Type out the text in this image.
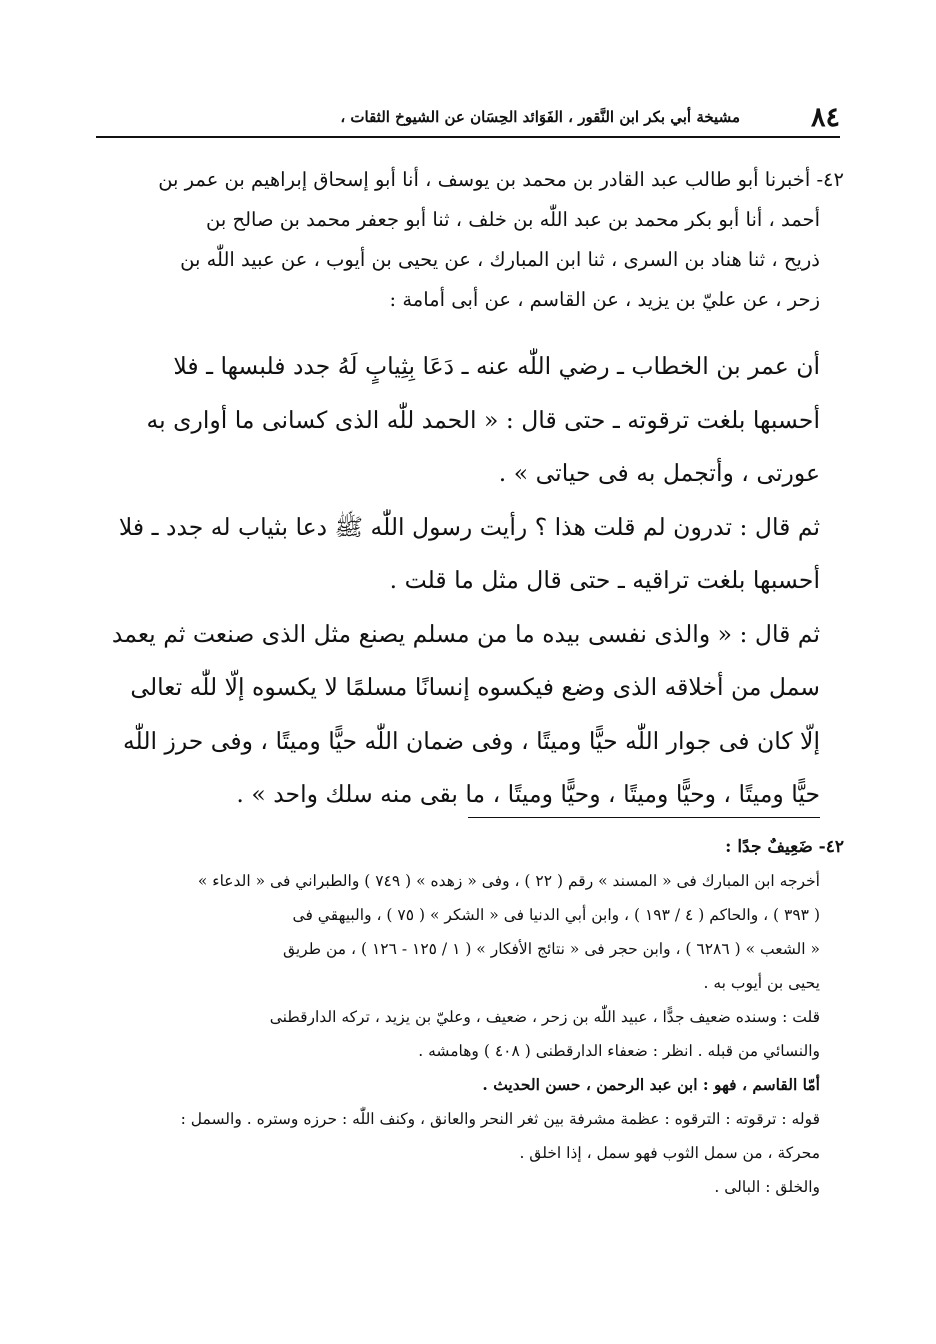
٨٤
مشيخة أبي بكر ابن النَّقور ، الفَوَائد الحِسَان عن الشيوخ الثقات ،
٤٢- أخبرنا أبو طالب عبد القادر بن محمد بن يوسف ، أنا أبو إسحاق إبراهيم بن عمر بن
أحمد ، أنا أبو بكر محمد بن عبد اللّٰه بن خلف ، ثنا أبو جعفر محمد بن صالح بن
ذريح ، ثنا هناد بن السرى ، ثنا ابن المبارك ، عن يحيى بن أيوب ، عن عبيد اللّٰه بن
زحر ، عن عليّ بن يزيد ، عن القاسم ، عن أبى أمامة :
أن عمر بن الخطاب ـ رضي اللّٰه عنه ـ دَعَا بِثِيابٍ لَهُ جدد فلبسها ـ فلا
أحسبها بلغت ترقوته ـ حتى قال : « الحمد للّٰه الذى كسانى ما أوارى به
عورتى ، وأتجمل به فى حياتى » .
ثم قال : تدرون لم قلت هذا ؟ رأيت رسول اللّٰه ﷺ دعا بثياب له جدد ـ فلا
أحسبها بلغت تراقيه ـ حتى قال مثل ما قلت .
ثم قال : « والذى نفسى بيده ما من مسلم يصنع مثل الذى صنعت ثم يعمد
سمل من أخلاقه الذى وضع فيكسوه إنسانًا مسلمًا لا يكسوه إلّا للّٰه تعالى
إلّا كان فى جوار اللّٰه حيًّا وميتًا ، وفى ضمان اللّٰه حيًّا وميتًا ، وفى حرز اللّٰه
حيًّا وميتًا ، وحيًّا وميتًا ، وحيًّا وميتًا ، ما بقى منه سلك واحد » .
٤٢- ضَعِيفٌ جدًا :
أخرجه ابن المبارك فى « المسند » رقم ( ٢٢ ) ، وفى « زهده » ( ٧٤٩ ) والطبراني فى « الدعاء »
( ٣٩٣ ) ، والحاكم ( ٤ / ١٩٣ ) ، وابن أبي الدنيا فى « الشكر » ( ٧٥ ) ، والبيهقي فى
« الشعب » ( ٦٢٨٦ ) ، وابن حجر فى « نتائج الأفكار » ( ١ / ١٢٥ - ١٢٦ ) ، من طريق
يحيى بن أيوب به .
قلت : وسنده ضعيف جدًّا ، عبيد اللّٰه بن زحر ، ضعيف ، وعليّ بن يزيد ، تركه الدارقطنى
والنسائي من قبله . انظر : ضعفاء الدارقطنى ( ٤٠٨ ) وهامشه .
أمّا القاسم ، فهو : ابن عبد الرحمن ، حسن الحديث .
قوله : ترقوته : الترقوه : عظمة مشرفة بين ثغر النحر والعانق ، وكنف اللّٰه : حرزه وستره . والسمل :
محركة ، من سمل الثوب فهو سمل ، إذا اخلق .
والخلق : البالى .
